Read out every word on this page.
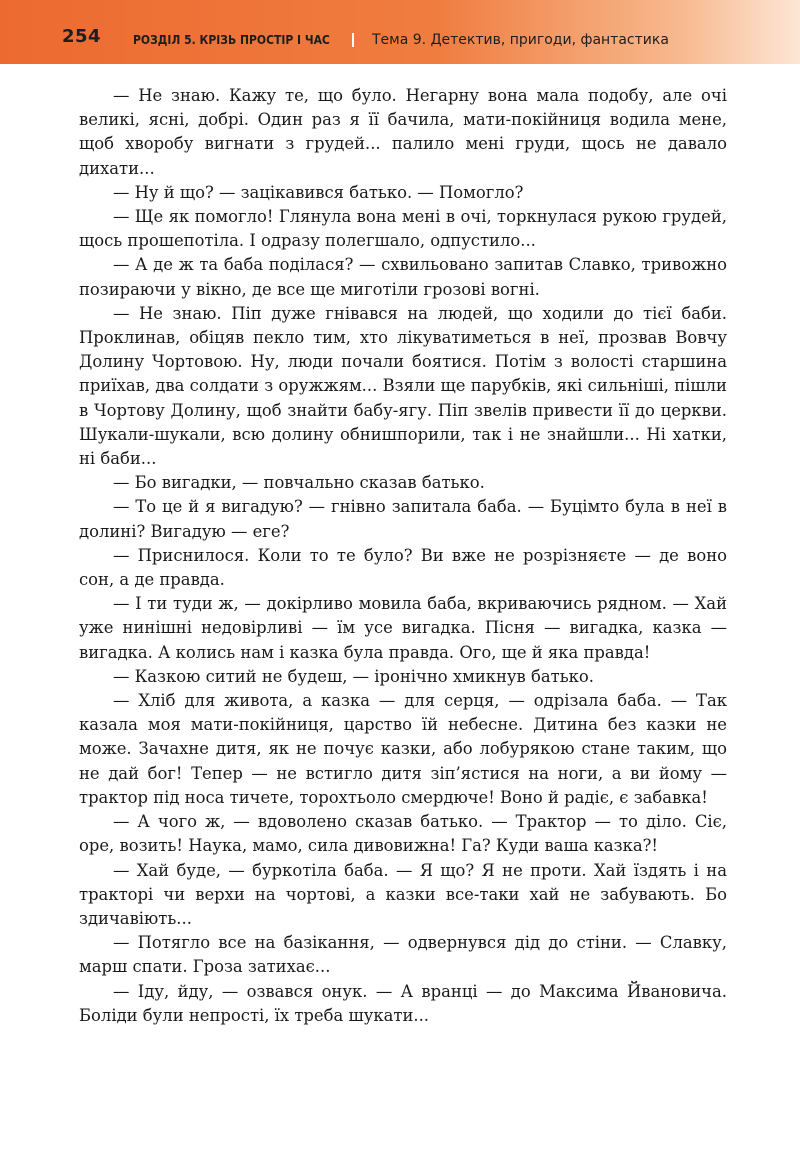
254	РОЗДІЛ 5. КРІЗЬ ПРОСТІР І ЧАС	Тема 9. Детектив, пригоди, фантастика

— Не знаю. Кажу те, що було. Негарну вона мала подобу, але очі великі, ясні, добрі. Один раз я її бачила, мати-покійниця водила мене, щоб хворобу вигнати з грудей... палило мені груди, щось не давало дихати...

— Ну й що? — зацікавився батько. — Помогло?

— Ще як помогло! Глянула вона мені в очі, торкнулася рукою грудей, щось прошепотіла. І одразу полегшало, одпустило...

— А де ж та баба поділася? — схвильовано запитав Славко, тривожно позираючи у вікно, де все ще миготіли грозові вогні.

— Не знаю. Піп дуже гнівався на людей, що ходили до тієї баби. Проклинав, обіцяв пекло тим, хто лікуватиметься в неї, прозвав Вовчу Долину Чортовою. Ну, люди почали боятися. Потім з волості старшина приїхав, два солдати з оружжям... Взяли ще парубків, які сильніші, пішли в Чортову Долину, щоб знайти бабу-ягу. Піп звелів привести її до церкви. Шукали-шукали, всю долину обнишпорили, так і не знайшли... Ні хатки, ні баби...

— Бо вигадки, — повчально сказав батько.

— То це й я вигадую? — гнівно запитала баба. — Буцімто була в неї в долині? Вигадую — еге?

— Приснилося. Коли то те було? Ви вже не розрізняєте — де воно сон, а де правда.

— І ти туди ж, — докірливо мовила баба, вкриваючись рядном. — Хай уже нинішні недовірливі — їм усе вигадка. Пісня — вигадка, казка — вигадка. А колись нам і казка була правда. Ого, ще й яка правда!

— Казкою ситий не будеш, — іронічно хмикнув батько.

— Хліб для живота, а казка — для серця, — одрізала баба. — Так казала моя мати-покійниця, царство їй небесне. Дитина без казки не може. Зачахне дитя, як не почує казки, або лобурякою стане таким, що не дай бог! Тепер — не встигло дитя зіп’ястися на ноги, а ви йому — трактор під носа тичете, торохтьоло смердюче! Воно й радіє, є забавка!

— А чого ж, — вдоволено сказав батько. — Трактор — то діло. Сіє, оре, возить! Наука, мамо, сила дивовижна! Га? Куди ваша казка?!

— Хай буде, — буркотіла баба. — Я що? Я не проти. Хай їздять і на тракторі чи верхи на чортові, а казки все-таки хай не забувають. Бо здичавіють...

— Потягло все на базікання, — одвернувся дід до стіни. — Славку, марш спати. Гроза затихає...

— Іду, йду, — озвався онук. — А вранці — до Максима Йвановича. Боліди були непрості, їх треба шукати...
